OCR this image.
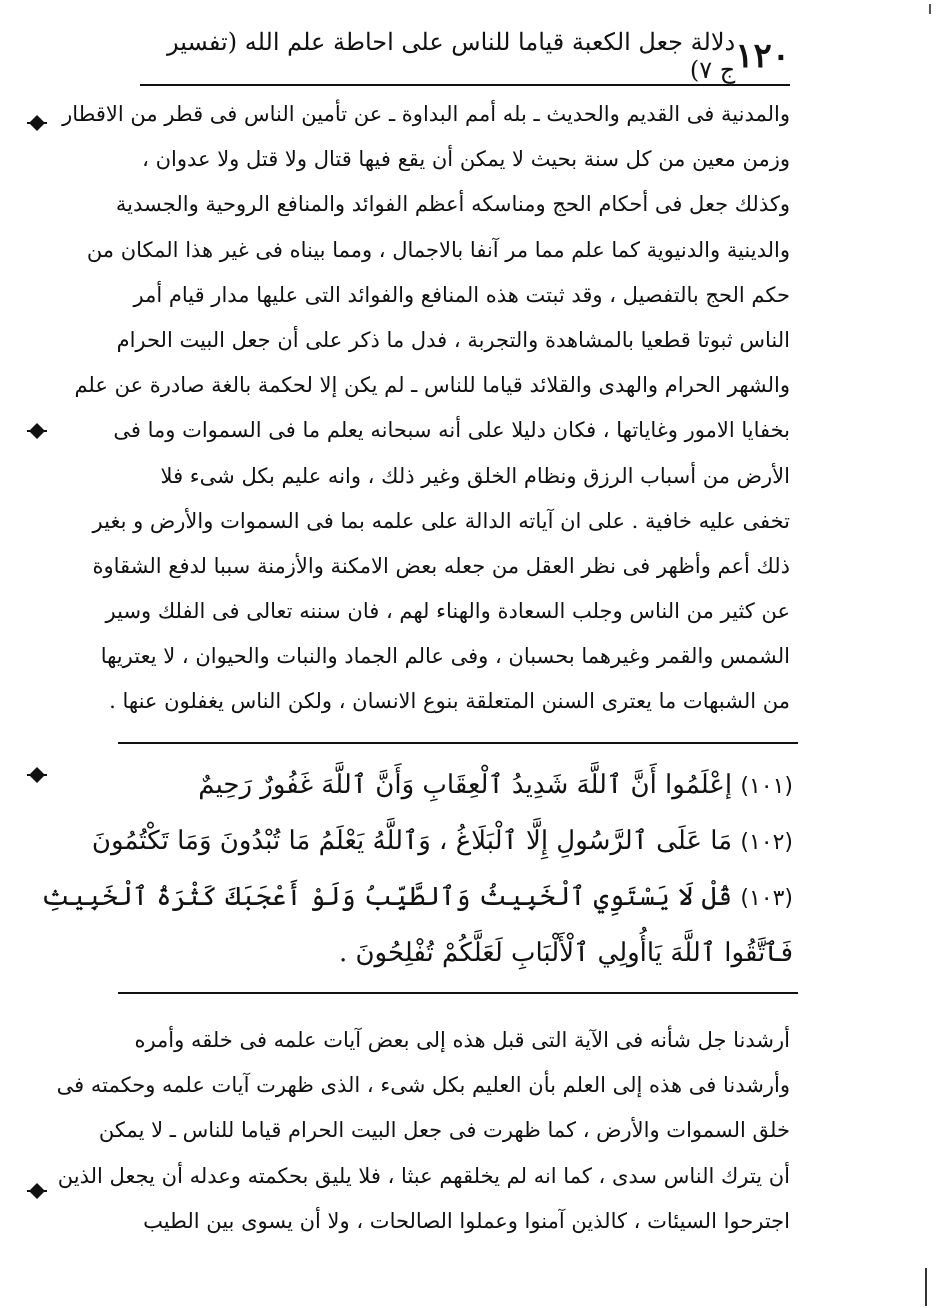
١٢٠
دلالة جعل الكعبة قياما للناس على احاطة علم الله (تفسير ج ٧)
والمدنية فى القديم والحديث ـ بله أمم البداوة ـ عن تأمين الناس فى قطر من الاقطار
وزمن معين من كل سنة بحيث لا يمكن أن يقع فيها قتال ولا قتل ولا عدوان ،
وكذلك جعل فى أحكام الحج ومناسكه أعظم الفوائد والمنافع الروحية والجسدية
والدينية والدنيوية كما علم مما مر آنفا بالاجمال ، ومما بيناه فى غير هذا المكان من
حكم الحج بالتفصيل ، وقد ثبتت هذه المنافع والفوائد التى عليها مدار قيام أمر
الناس ثبوتا قطعيا بالمشاهدة والتجربة ، فدل ما ذكر على أن جعل البيت الحرام
والشهر الحرام والهدى والقلائد قياما للناس ـ لم يكن إلا لحكمة بالغة صادرة عن علم
بخفايا الامور وغاياتها ، فكان دليلا على أنه سبحانه يعلم ما فى السموات وما فى
الأرض من أسباب الرزق ونظام الخلق وغير ذلك ، وانه عليم بكل شىء فلا
تخفى عليه خافية . على ان آياته الدالة على علمه بما فى السموات والأرض و بغير
ذلك أعم وأظهر فى نظر العقل من جعله بعض الامكنة والأزمنة سببا لدفع الشقاوة
عن كثير من الناس وجلب السعادة والهناء لهم ، فان سننه تعالى فى الفلك وسير
الشمس والقمر وغيرهما بحسبان ، وفى عالم الجماد والنبات والحيوان ، لا يعتريها
من الشبهات ما يعترى السنن المتعلقة بنوع الانسان ، ولكن الناس يغفلون عنها .
(١٠١) إعْلَمُوا أَنَّ ٱللَّهَ شَدِيدُ ٱلْعِقَابِ وَأَنَّ ٱللَّهَ غَفُورٌ رَحِيمٌ
(١٠٢) مَا عَلَى ٱلرَّسُولِ إِلَّا ٱلْبَلَاغُ ، وَٱللَّهُ يَعْلَمُ مَا تُبْدُونَ وَمَا تَكْتُمُونَ
(١٠٣) قُلْ لَا يَسْتَوِي ٱلْخَبِيثُ وَٱلطَّيِّبُ وَلَوْ أَعْجَبَكَ كَثْرَةُ ٱلْخَبِيثِ
فَٱتَّقُوا ٱللَّهَ يَاأُولِي ٱلْأَلْبَابِ لَعَلَّكُمْ تُفْلِحُونَ .
أرشدنا جل شأنه فى الآية التى قبل هذه إلى بعض آيات علمه فى خلقه وأمره
وأرشدنا فى هذه إلى العلم بأن العليم بكل شىء ، الذى ظهرت آيات علمه وحكمته فى
خلق السموات والأرض ، كما ظهرت فى جعل البيت الحرام قياما للناس ـ لا يمكن
أن يترك الناس سدى ، كما انه لم يخلقهم عبثا ، فلا يليق بحكمته وعدله أن يجعل الذين
اجترحوا السيئات ، كالذين آمنوا وعملوا الصالحات ، ولا أن يسوى بين الطيب
